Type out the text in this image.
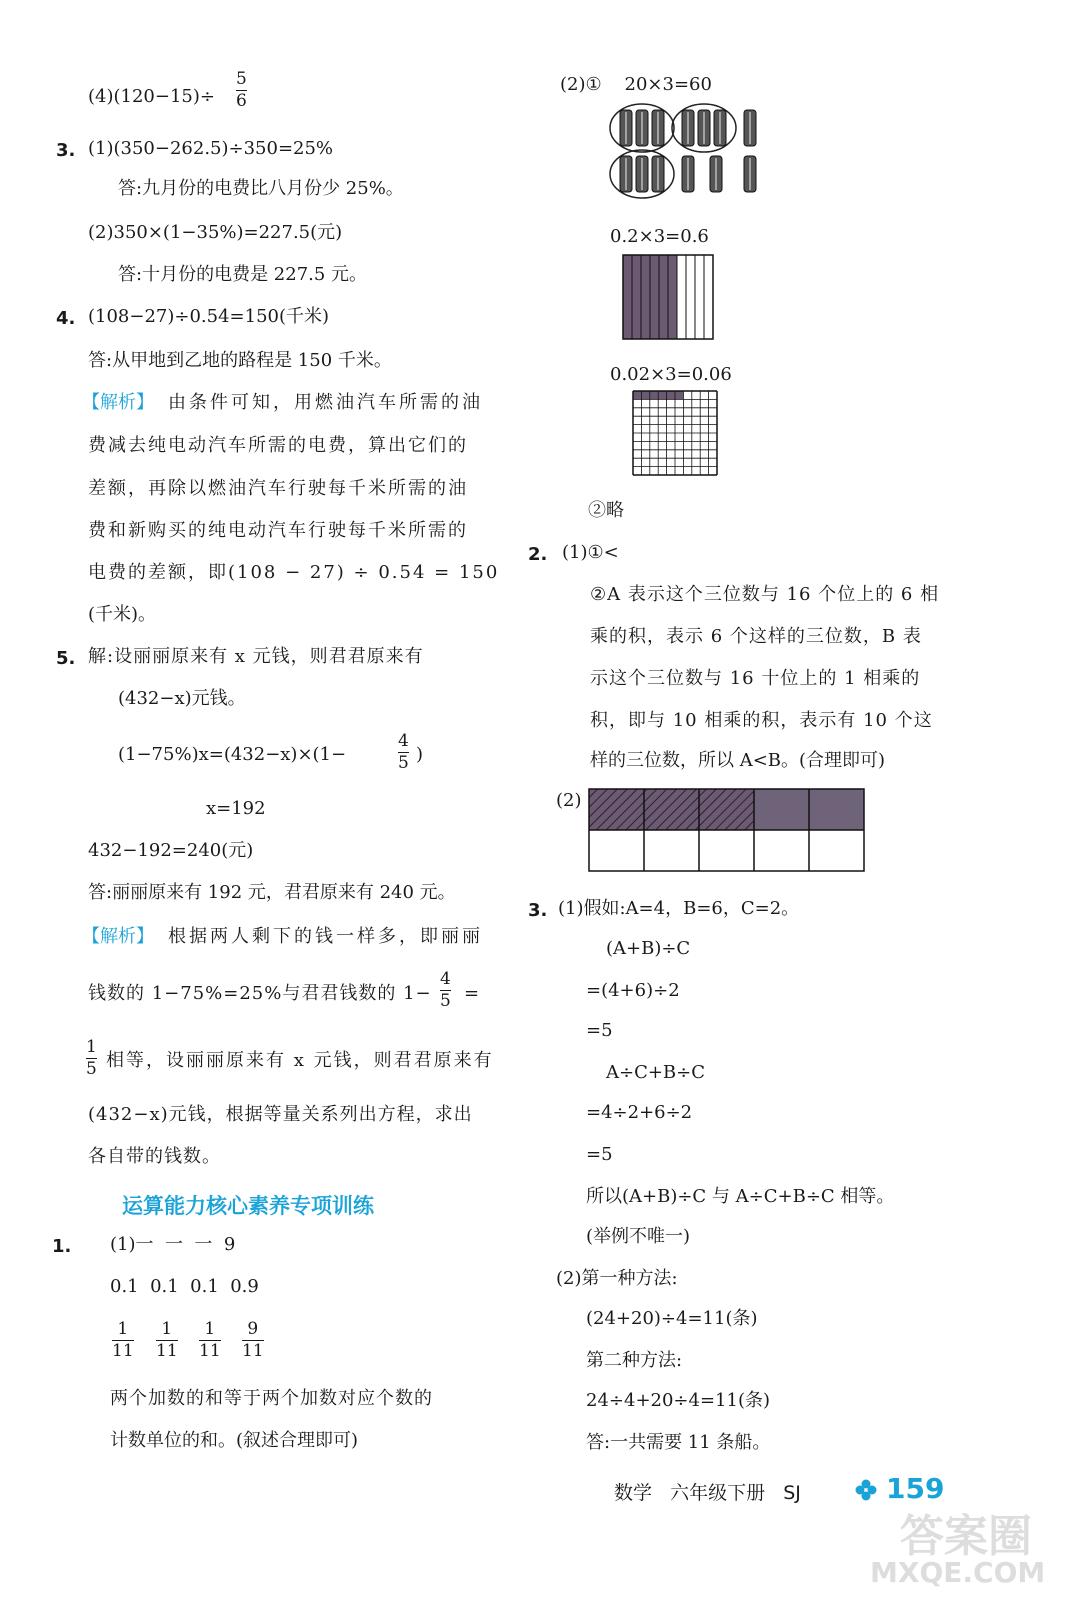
(4)(120−15)÷
5
6
3. (1)(350−262.5)÷350=25%
答:九月份的电费比八月份少 25%。
(2)350×(1−35%)=227.5(元)
答:十月份的电费是 227.5 元。
4. (108−27)÷0.54=150(千米)
答:从甲地到乙地的路程是 150 千米。
【解析】 由条件可知，用燃油汽车所需的油
费减去纯电动汽车所需的电费，算出它们的
差额，再除以燃油汽车行驶每千米所需的油
费和新购买的纯电动汽车行驶每千米所需的
电费的差额，即(108 − 27) ÷ 0.54 = 150
(千米)。
5. 解:设丽丽原来有 x 元钱，则君君原来有
(432−x)元钱。
(1−75%)x=(432−x)×(1−
4
5 )
x=192
432−192=240(元)
答:丽丽原来有 192 元，君君原来有 240 元。
【解析】 根据两人剩下的钱一样多，即丽丽
钱数的 1−75%=25%与君君钱数的 1−
4
5 =
1
5 相等，设丽丽原来有 x 元钱，则君君原来有
(432−x)元钱，根据等量关系列出方程，求出
各自带的钱数。
运算能力核心素养专项训练
1. (1)一  一  一  9
0.1  0.1  0.1  0.9
1
11
1
11
1
11
9
11
两个加数的和等于两个加数对应个数的
计数单位的和。(叙述合理即可)
(2)①    20×3=60
0.2×3=0.6
0.02×3=0.06
②略
2. (1)①<
②A 表示这个三位数与 16 个位上的 6 相
乘的积，表示 6 个这样的三位数，B 表
示这个三位数与 16 十位上的 1 相乘的
积，即与 10 相乘的积，表示有 10 个这
样的三位数，所以 A<B。(合理即可)
(2)
3. (1)假如:A=4，B=6，C=2。
(A+B)÷C
=(4+6)÷2
=5
A÷C+B÷C
=4÷2+6÷2
=5
所以(A+B)÷C 与 A÷C+B÷C 相等。
(举例不唯一)
(2)第一种方法:
(24+20)÷4=11(条)
第二种方法:
24÷4+20÷4=11(条)
答:一共需要 11 条船。
数学   六年级下册   SJ	159
答案圈
MXQE.COM
